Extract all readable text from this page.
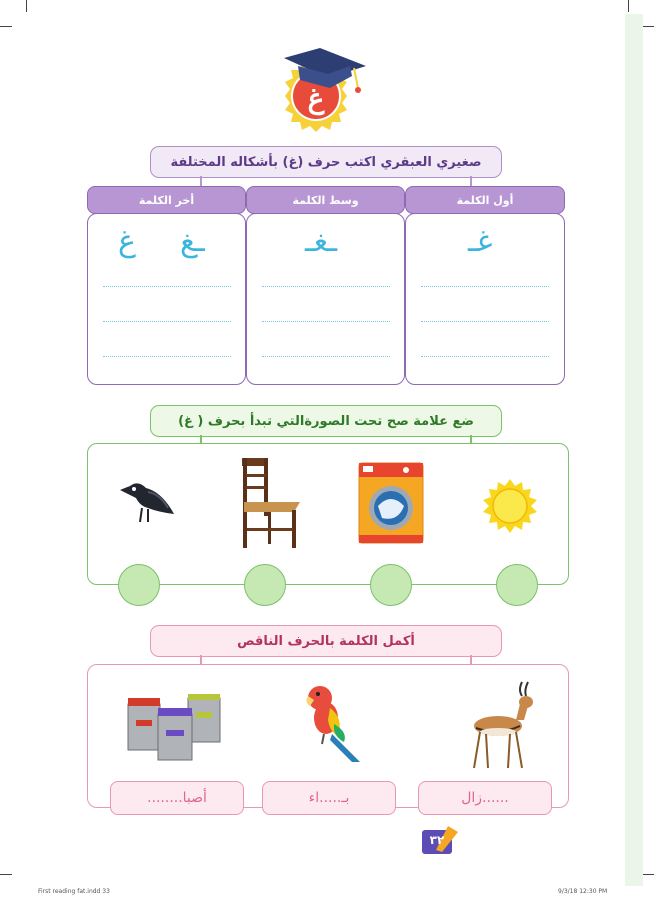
غ
صغيري العبقري اكتب حرف (غ) بأشكاله المختلفة
أول الكلمة
وسط الكلمة
أخر الكلمة
غـ
ـغـ
ـغ
غ
ضع علامة صح تحت الصورةالتي تبدأ بحرف ( غ)
أكمل الكلمة بالحرف الناقص
......زال
بـ.....اء
أصبا........
٣٢
First reading fat.indd 33	9/3/18 12:30 PM
